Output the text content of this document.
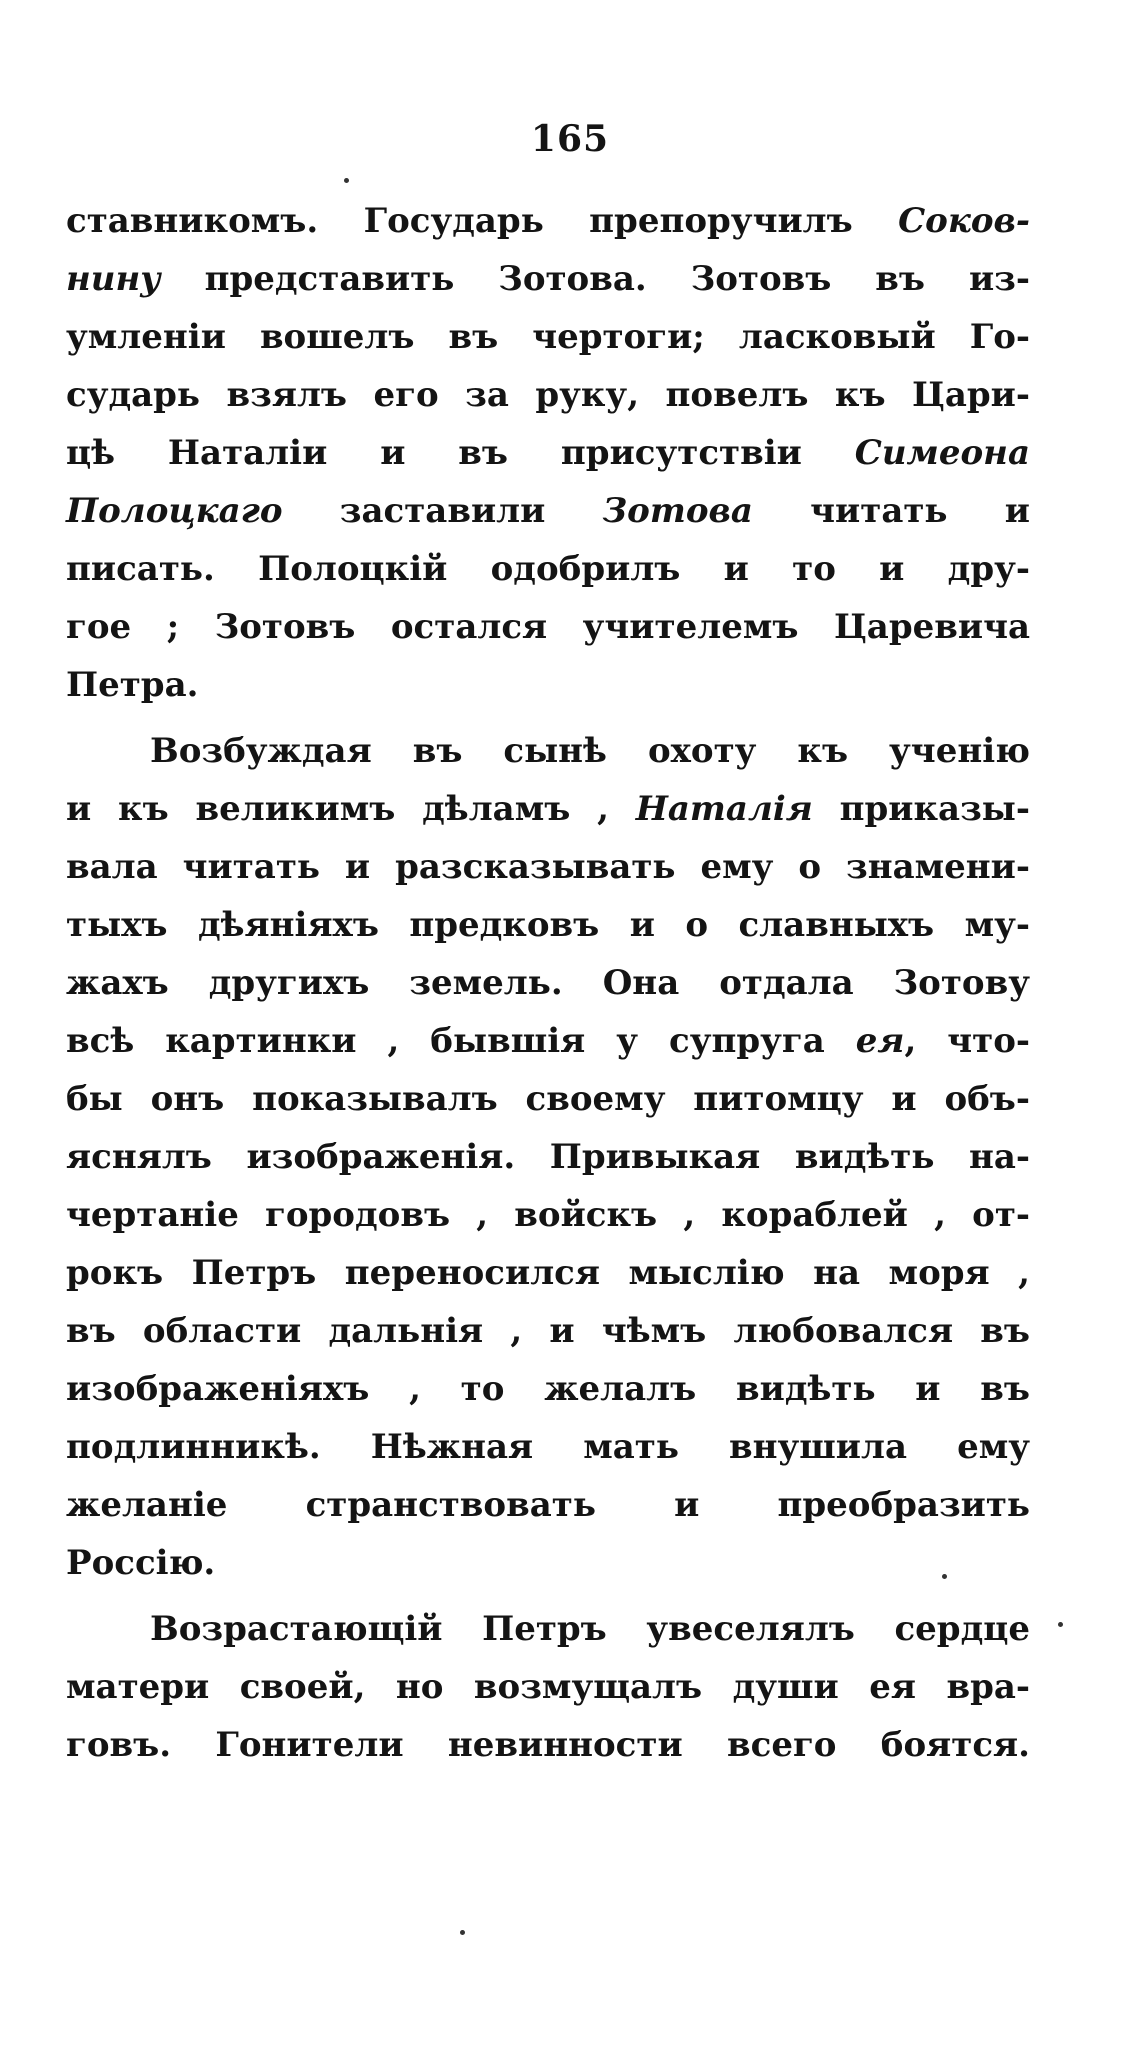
165
ставникомъ. Государь препоручилъ Соков-
нину представить Зотова. Зотовъ въ из-
умленіи вошелъ въ чертоги; ласковый Го-
сударь взялъ его за руку, повелъ къ Цари-
цѣ Наталіи и въ присутствіи Симеона
Полоцкаго заставили Зотова читать и
писать. Полоцкій одобрилъ и то и дру-
гое ; Зотовъ остался учителемъ Царевича
Петра.
Возбуждая въ сынѣ охоту къ ученію
и къ великимъ дѣламъ , Наталія приказы-
вала читать и разсказывать ему о знамени-
тыхъ дѣяніяхъ предковъ и о славныхъ му-
жахъ другихъ земель. Она отдала Зотову
всѣ картинки , бывшія у супруга ея, что-
бы онъ показывалъ своему питомцу и объ-
яснялъ изображенія. Привыкая видѣть на-
чертаніе городовъ , войскъ , кораблей , от-
рокъ Петръ переносился мыслію на моря ,
въ области дальнія , и чѣмъ любовался въ
изображеніяхъ , то желалъ видѣть и въ
подлинникѣ. Нѣжная мать внушила ему
желаніе странствовать и преобразить
Россію.
Возрастающій Петръ увеселялъ сердце
матери своей, но возмущалъ души ея вра-
говъ. Гонители невинности всего боятся.
